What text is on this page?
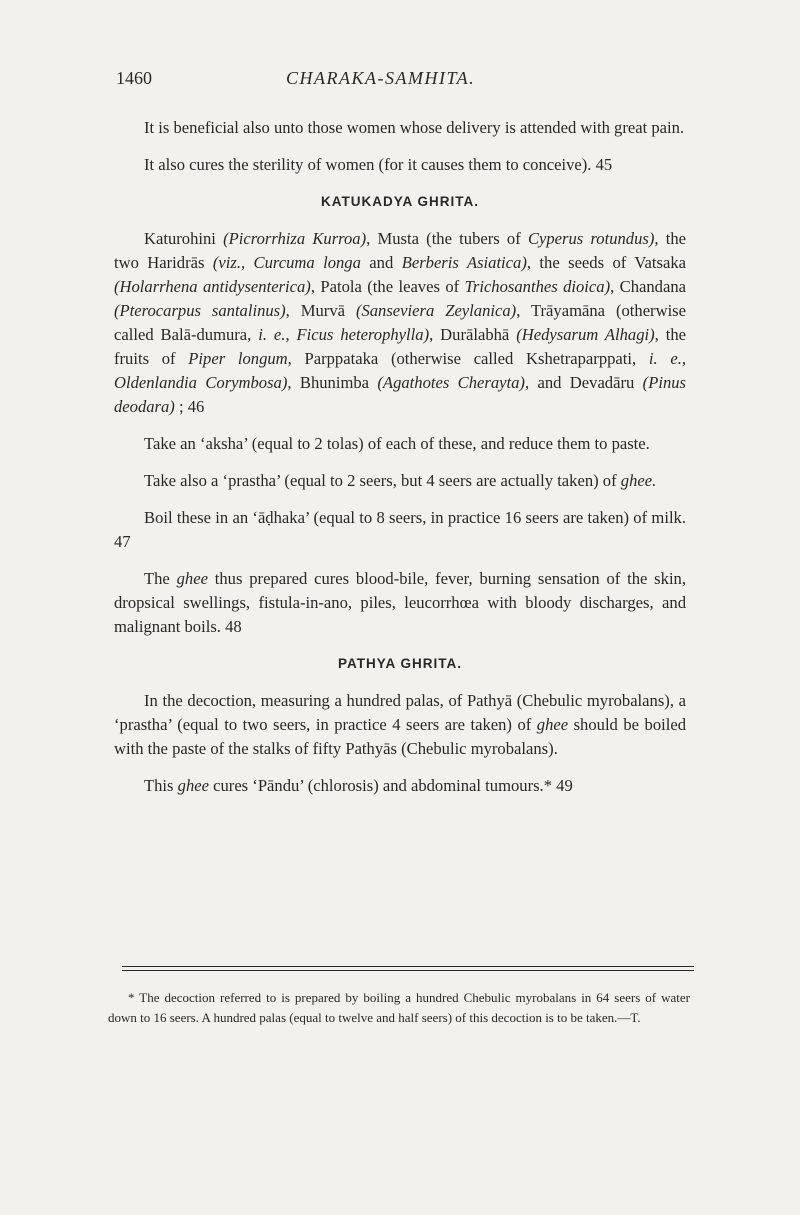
1460	CHARAKA-SAMHITA.

It is beneficial also unto those women whose delivery is attended with great pain.

It also cures the sterility of women (for it causes them to conceive). 45

KATUKADYA GHRITA.

Katurohini (Picrorrhiza Kurroa), Musta (the tubers of Cyperus rotundus), the two Haridrās (viz., Curcuma longa and Berberis Asiatica), the seeds of Vatsaka (Holarrhena antidysenterica), Patola (the leaves of Trichosanthes dioica), Chandana (Pterocarpus santalinus), Murvā (Sanseviera Zeylanica), Trāyamāna (otherwise called Balā-dumura, i. e., Ficus heterophylla), Durālabhā (Hedysarum Alhagi), the fruits of Piper longum, Parppataka (otherwise called Kshetraparppati, i. e., Oldenlandia Corymbosa), Bhunimba (Agathotes Cherayta), and Devadāru (Pinus deodara) ; 46

Take an ‘aksha’ (equal to 2 tolas) of each of these, and reduce them to paste.

Take also a ‘prastha’ (equal to 2 seers, but 4 seers are actually taken) of ghee.

Boil these in an ‘āḍhaka’ (equal to 8 seers, in practice 16 seers are taken) of milk. 47

The ghee thus prepared cures blood-bile, fever, burning sensation of the skin, dropsical swellings, fistula-in-ano, piles, leucorrhœa with bloody discharges, and malignant boils. 48

PATHYA GHRITA.

In the decoction, measuring a hundred palas, of Pathyā (Chebulic myrobalans), a ‘prastha’ (equal to two seers, in practice 4 seers are taken) of ghee should be boiled with the paste of the stalks of fifty Pathyās (Chebulic myrobalans).

This ghee cures ‘Pāndu’ (chlorosis) and abdominal tumours.* 49

* The decoction referred to is prepared by boiling a hundred Chebulic myrobalans in 64 seers of water down to 16 seers. A hundred palas (equal to twelve and half seers) of this decoction is to be taken.—T.
